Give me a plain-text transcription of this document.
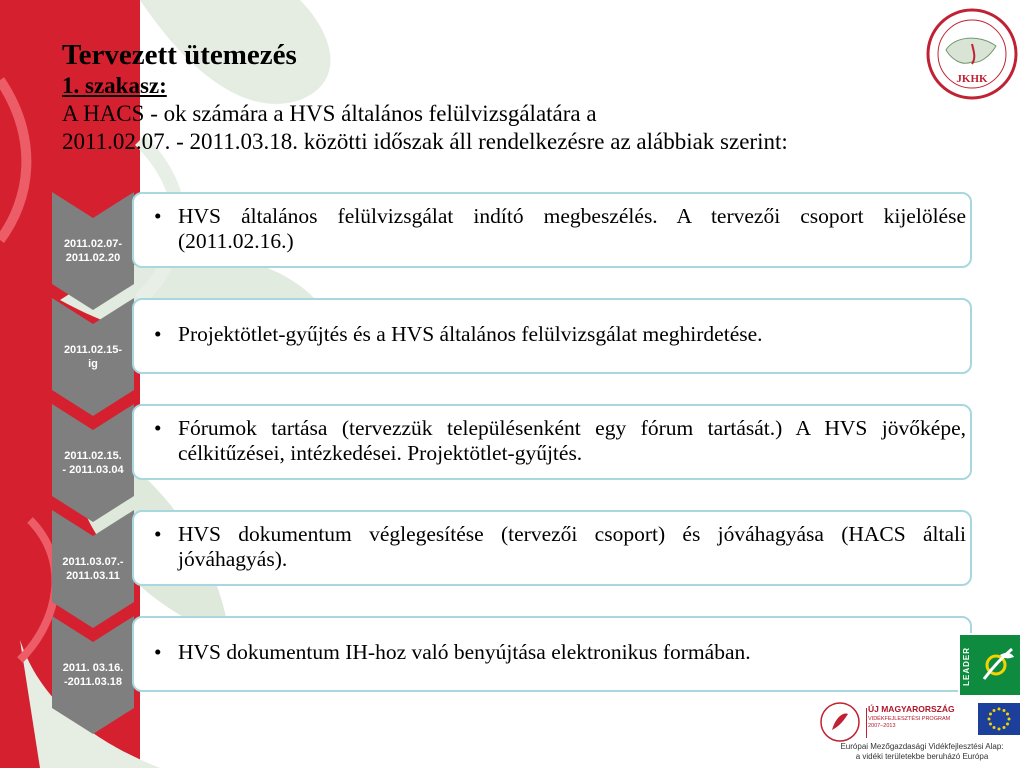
Tervezett ütemezés

1. szakasz:

A HACS - ok számára a HVS általános felülvizsgálatára a

2011.02.07. - 2011.03.18. közötti időszak áll rendelkezésre az alábbiak szerint:

2011.02.07-
2011.02.20
• HVS általános felülvizsgálat indító megbeszélés. A tervezői csoport kijelölése (2011.02.16.)
2011.02.15-
ig
• Projektötlet-gyűjtés és a HVS általános felülvizsgálat meghirdetése.
2011.02.15.
- 2011.03.04
• Fórumok tartása (tervezzük településenként egy fórum tartását.) A HVS jövőképe, célkitűzései, intézkedései. Projektötlet-gyűjtés.
2011.03.07.-
2011.03.11
• HVS dokumentum véglegesítése (tervezői csoport) és jóváhagyása (HACS általi jóváhagyás).
2011. 03.16.
-2011.03.18
• HVS dokumentum IH-hoz való benyújtása elektronikus formában.
JKHK
LEADER
ÚJ MAGYARORSZÁG
VIDÉKFEJLESZTÉSI PROGRAM
2007–2013
Európai Mezőgazdasági Vidékfejlesztési Alap:
a vidéki területekbe beruházó Európa
